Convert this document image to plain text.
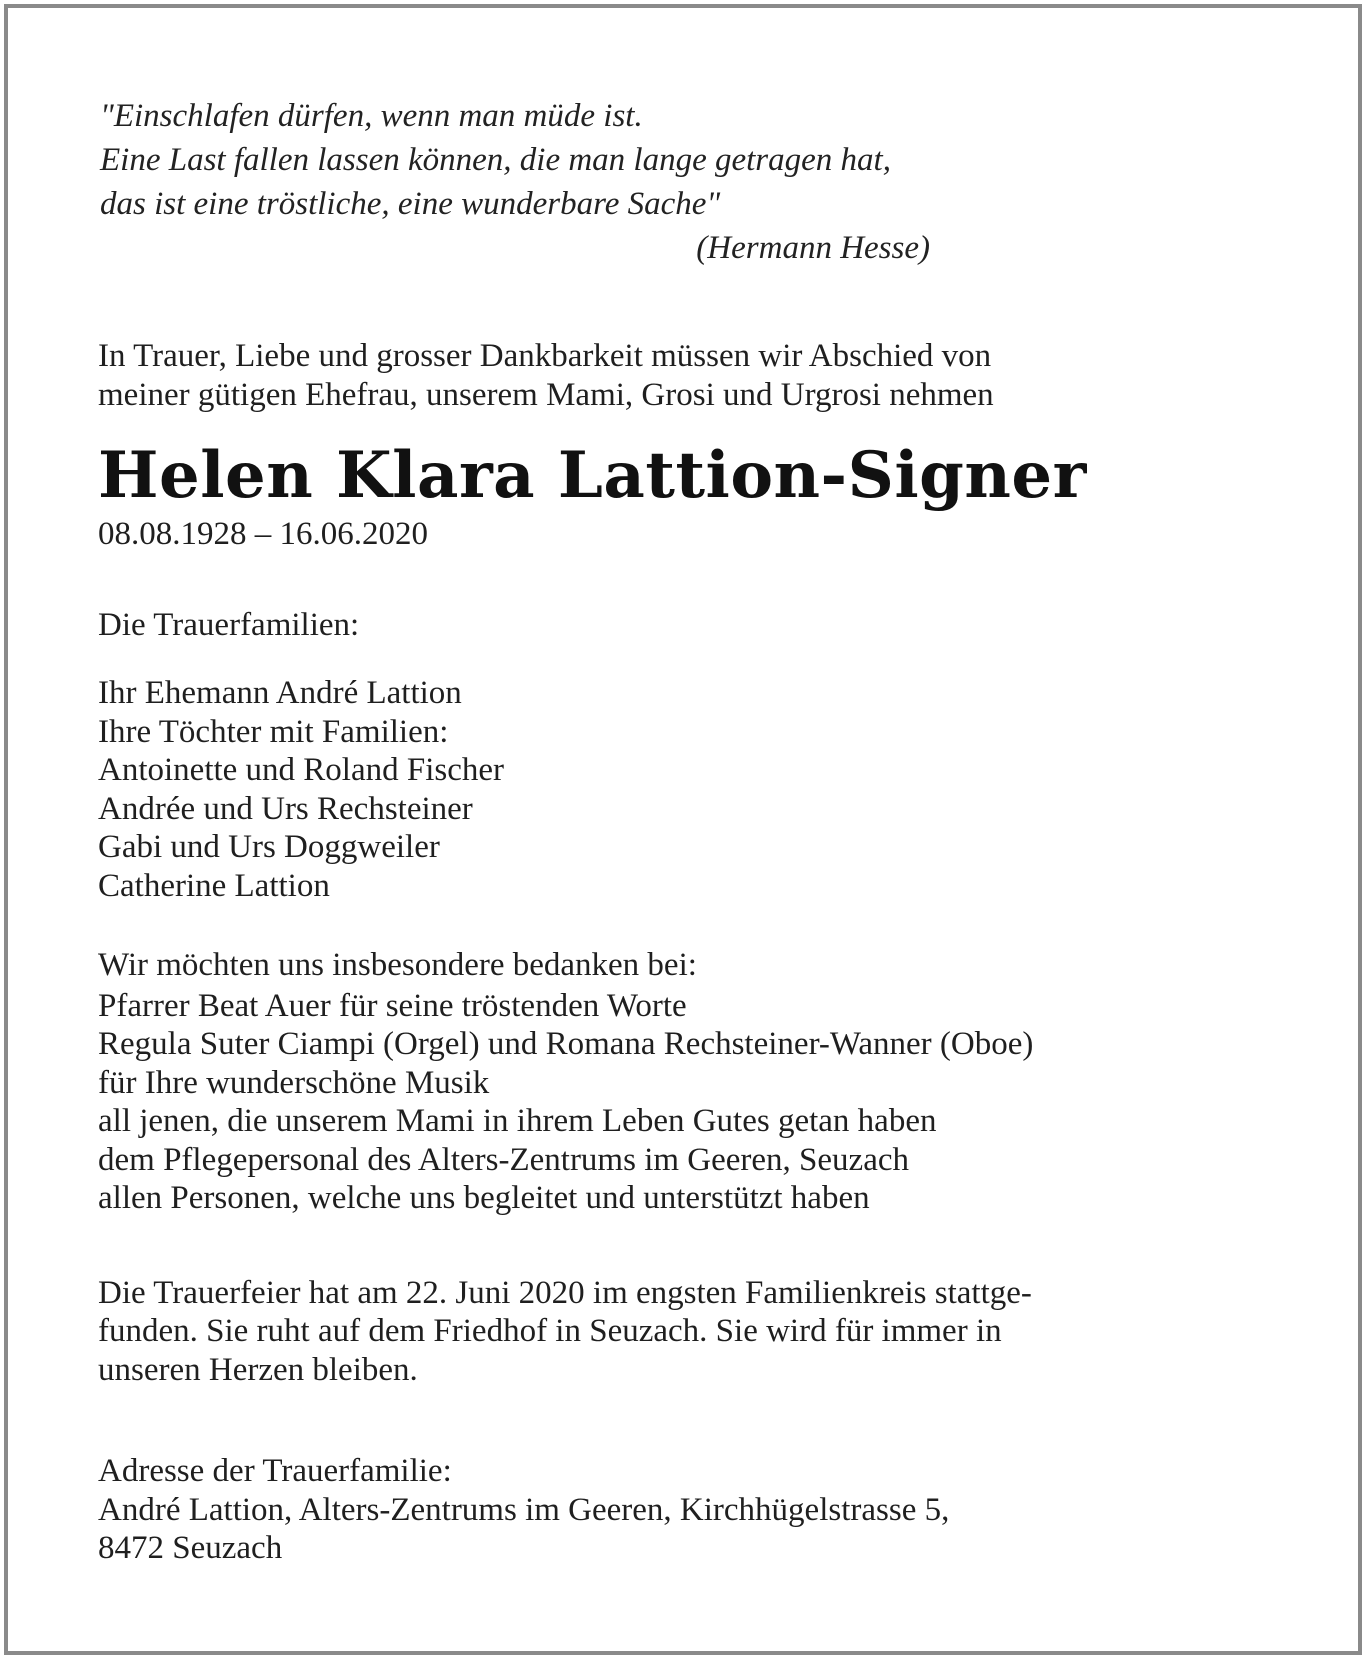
"Einschlafen dürfen, wenn man müde ist.
Eine Last fallen lassen können, die man lange getragen hat,
das ist eine tröstliche, eine wunderbare Sache"
(Hermann Hesse)
In Trauer, Liebe und grosser Dankbarkeit müssen wir Abschied von
meiner gütigen Ehefrau, unserem Mami, Grosi und Urgrosi nehmen
Helen Klara Lattion-Signer
08.08.1928 – 16.06.2020
Die Trauerfamilien:
Ihr Ehemann André Lattion
Ihre Töchter mit Familien:
Antoinette und Roland Fischer
Andrée und Urs Rechsteiner
Gabi und Urs Doggweiler
Catherine Lattion
Wir möchten uns insbesondere bedanken bei:
Pfarrer Beat Auer für seine tröstenden Worte
Regula Suter Ciampi (Orgel) und Romana Rechsteiner-Wanner (Oboe)
für Ihre wunderschöne Musik
all jenen, die unserem Mami in ihrem Leben Gutes getan haben
dem Pflegepersonal des Alters-Zentrums im Geeren, Seuzach
allen Personen, welche uns begleitet und unterstützt haben
Die Trauerfeier hat am 22. Juni 2020 im engsten Familienkreis stattge-
funden. Sie ruht auf dem Friedhof in Seuzach. Sie wird für immer in
unseren Herzen bleiben.
Adresse der Trauerfamilie:
André Lattion, Alters-Zentrums im Geeren, Kirchhügelstrasse 5,
8472 Seuzach
